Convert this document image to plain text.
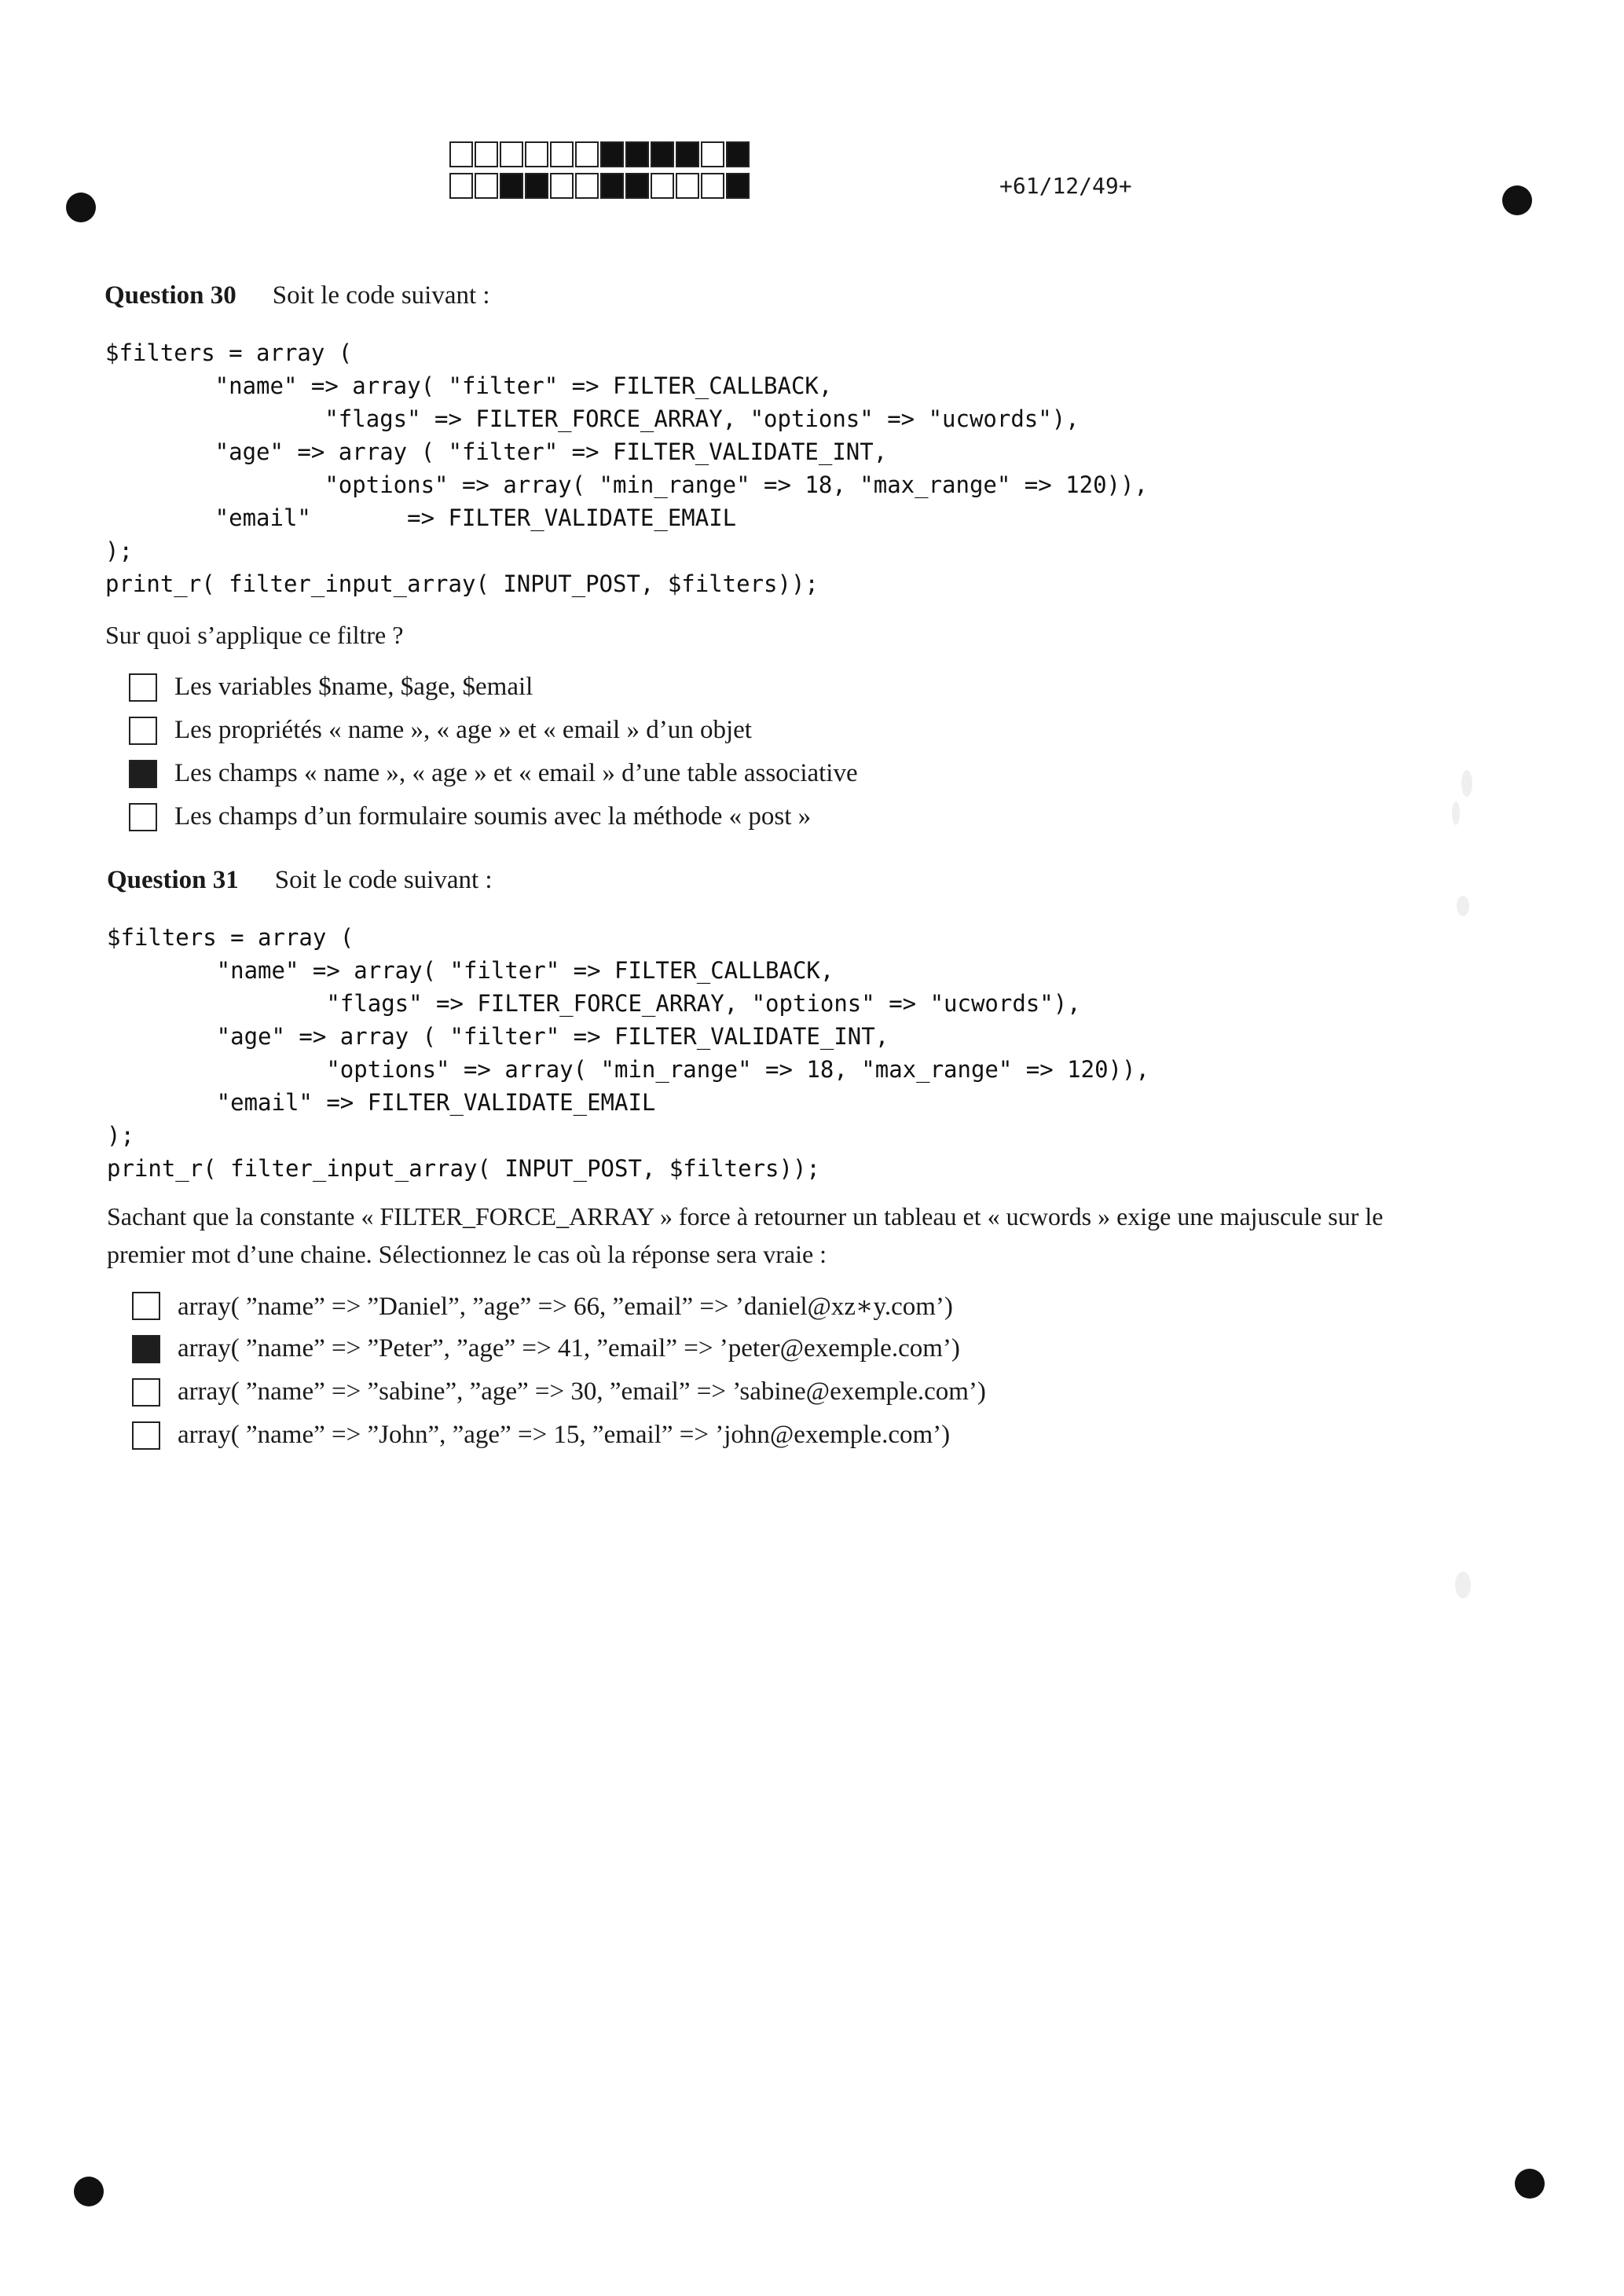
+61/12/49+
Question 30 Soit le code suivant :
$filters = array (
"name" => array( "filter" => FILTER_CALLBACK,
"flags" => FILTER_FORCE_ARRAY, "options" => "ucwords"),
"age" => array ( "filter" => FILTER_VALIDATE_INT,
"options" => array( "min_range" => 18, "max_range" => 120)),
"email"       => FILTER_VALIDATE_EMAIL
);
print_r( filter_input_array( INPUT_POST, $filters));
Sur quoi s’applique ce filtre ?
Les variables $name, $age, $email
Les propriétés « name », « age » et « email » d’un objet
Les champs « name », « age » et « email » d’une table associative
Les champs d’un formulaire soumis avec la méthode « post »
Question 31 Soit le code suivant :
$filters = array (
"name" => array( "filter" => FILTER_CALLBACK,
"flags" => FILTER_FORCE_ARRAY, "options" => "ucwords"),
"age" => array ( "filter" => FILTER_VALIDATE_INT,
"options" => array( "min_range" => 18, "max_range" => 120)),
"email" => FILTER_VALIDATE_EMAIL
);
print_r( filter_input_array( INPUT_POST, $filters));
Sachant que la constante « FILTER_FORCE_ARRAY » force à retourner un tableau et « ucwords » exige une majuscule sur le
premier mot d’une chaine. Sélectionnez le cas où la réponse sera vraie :
array( ”name” => ”Daniel”, ”age” => 66, ”email” => ’daniel@xz∗y.com’)
array( ”name” => ”Peter”, ”age” => 41, ”email” => ’peter@exemple.com’)
array( ”name” => ”sabine”, ”age” => 30, ”email” => ’sabine@exemple.com’)
array( ”name” => ”John”, ”age” => 15, ”email” => ’john@exemple.com’)
